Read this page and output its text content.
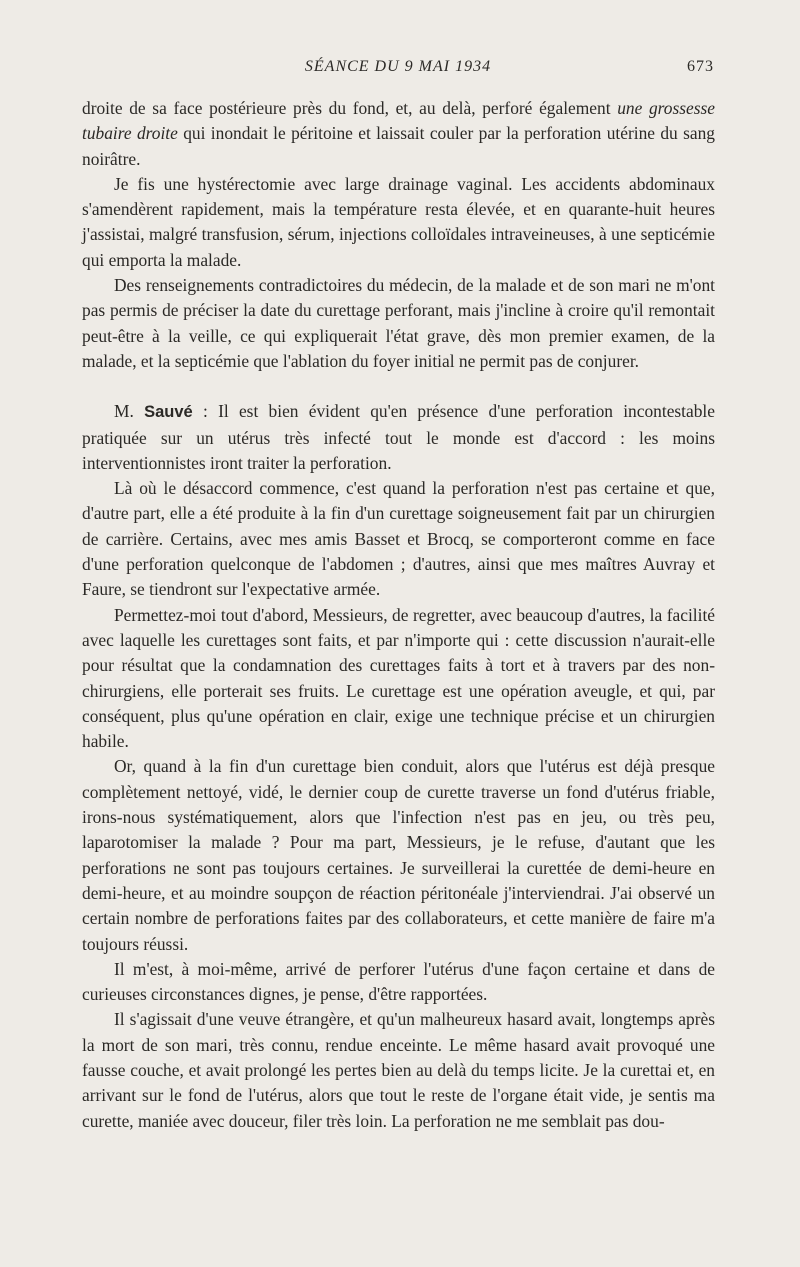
SÉANCE DU 9 MAI 1934	673

droite de sa face postérieure près du fond, et, au delà, perforé également une grossesse tubaire droite qui inondait le péritoine et laissait couler par la perforation utérine du sang noirâtre.

Je fis une hystérectomie avec large drainage vaginal. Les accidents abdominaux s'amendèrent rapidement, mais la température resta élevée, et en quarante-huit heures j'assistai, malgré transfusion, sérum, injections colloïdales intraveineuses, à une septicémie qui emporta la malade.

Des renseignements contradictoires du médecin, de la malade et de son mari ne m'ont pas permis de préciser la date du curettage perforant, mais j'incline à croire qu'il remontait peut-être à la veille, ce qui expliquerait l'état grave, dès mon premier examen, de la malade, et la septicémie que l'ablation du foyer initial ne permit pas de conjurer.

M. Sauvé : Il est bien évident qu'en présence d'une perforation incontestable pratiquée sur un utérus très infecté tout le monde est d'accord : les moins interventionnistes iront traiter la perforation.

Là où le désaccord commence, c'est quand la perforation n'est pas certaine et que, d'autre part, elle a été produite à la fin d'un curettage soigneusement fait par un chirurgien de carrière. Certains, avec mes amis Basset et Brocq, se comporteront comme en face d'une perforation quelconque de l'abdomen ; d'autres, ainsi que mes maîtres Auvray et Faure, se tiendront sur l'expectative armée.

Permettez-moi tout d'abord, Messieurs, de regretter, avec beaucoup d'autres, la facilité avec laquelle les curettages sont faits, et par n'importe qui : cette discussion n'aurait-elle pour résultat que la condamnation des curettages faits à tort et à travers par des non-chirurgiens, elle porterait ses fruits. Le curettage est une opération aveugle, et qui, par conséquent, plus qu'une opération en clair, exige une technique précise et un chirurgien habile.

Or, quand à la fin d'un curettage bien conduit, alors que l'utérus est déjà presque complètement nettoyé, vidé, le dernier coup de curette traverse un fond d'utérus friable, irons-nous systématiquement, alors que l'infection n'est pas en jeu, ou très peu, laparotomiser la malade ? Pour ma part, Messieurs, je le refuse, d'autant que les perforations ne sont pas toujours certaines. Je surveillerai la curettée de demi-heure en demi-heure, et au moindre soupçon de réaction péritonéale j'interviendrai. J'ai observé un certain nombre de perforations faites par des collaborateurs, et cette manière de faire m'a toujours réussi.

Il m'est, à moi-même, arrivé de perforer l'utérus d'une façon certaine et dans de curieuses circonstances dignes, je pense, d'être rapportées.

Il s'agissait d'une veuve étrangère, et qu'un malheureux hasard avait, longtemps après la mort de son mari, très connu, rendue enceinte. Le même hasard avait provoqué une fausse couche, et avait prolongé les pertes bien au delà du temps licite. Je la curettai et, en arrivant sur le fond de l'utérus, alors que tout le reste de l'organe était vide, je sentis ma curette, maniée avec douceur, filer très loin. La perforation ne me semblait pas dou-
